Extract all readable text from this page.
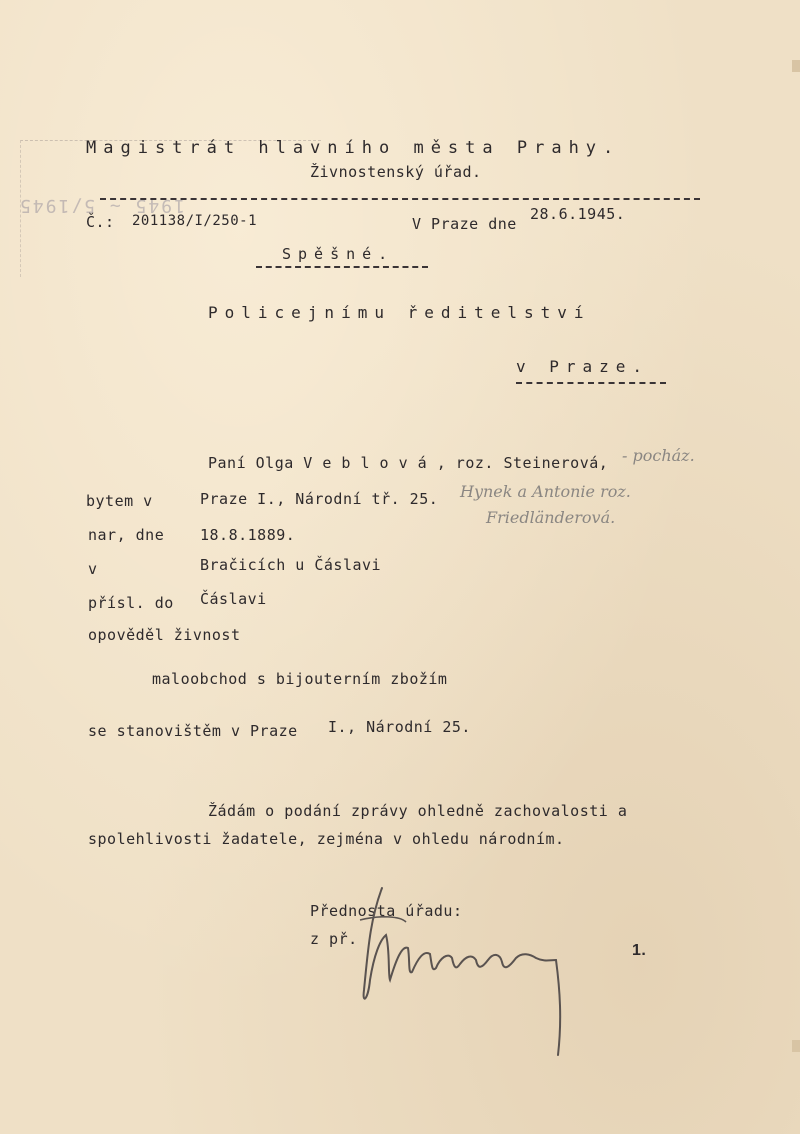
1945 ~ 5/1945
Magistrát hlavního města Prahy.
Živnostenský úřad.
Č.: 201138/I/250-1	V Praze dne
28.6.1945.
Spěšné.
Policejnímu ředitelství
v Praze.
Paní Olga V e b l o v á , roz. Steinerová, - pocház.
Hynek a Antonie roz.
Friedländerová.
bytem v	Praze I., Národní tř. 25.
nar, dne 18.8.1889.
v	Bračicích u Čáslavi
přísl. do Čáslavi
opověděl živnost
maloobchod s bijouterním zbožím
se stanovištěm v Praze I., Národní 25.
Žádám o podání zprávy ohledně zachovalosti a
spolehlivosti žadatele, zejména v ohledu národním.
Přednosta úřadu:
z př.
1.
